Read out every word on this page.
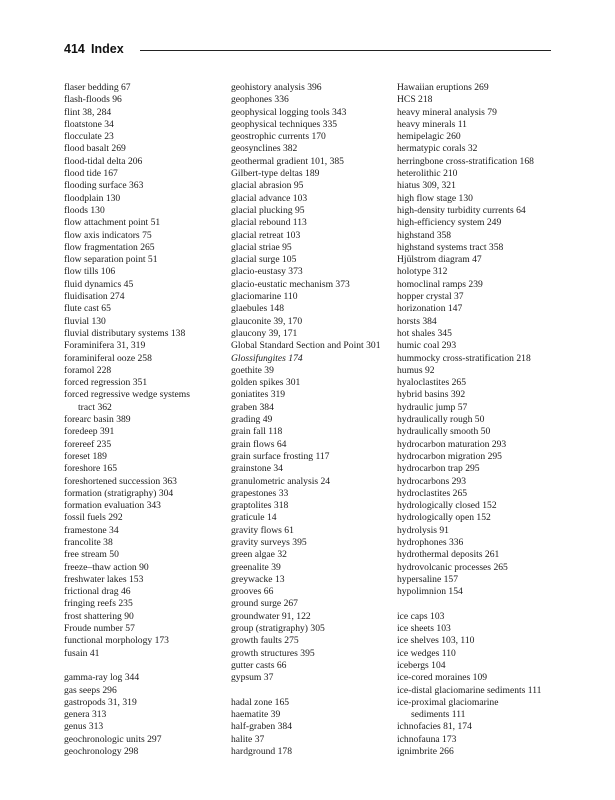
414 Index
flaser bedding 67
flash-floods 96
flint 38, 284
floatstone 34
flocculate 23
flood basalt 269
flood-tidal delta 206
flood tide 167
flooding surface 363
floodplain 130
floods 130
flow attachment point 51
flow axis indicators 75
flow fragmentation 265
flow separation point 51
flow tills 106
fluid dynamics 45
fluidisation 274
flute cast 65
fluvial 130
fluvial distributary systems 138
Foraminifera 31, 319
foraminiferal ooze 258
foramol 228
forced regression 351
forced regressive wedge systems
tract 362
forearc basin 389
foredeep 391
forereef 235
foreset 189
foreshore 165
foreshortened succession 363
formation (stratigraphy) 304
formation evaluation 343
fossil fuels 292
framestone 34
francolite 38
free stream 50
freeze–thaw action 90
freshwater lakes 153
frictional drag 46
fringing reefs 235
frost shattering 90
Froude number 57
functional morphology 173
fusain 41
gamma-ray log 344
gas seeps 296
gastropods 31, 319
genera 313
genus 313
geochronologic units 297
geochronology 298
geohistory analysis 396
geophones 336
geophysical logging tools 343
geophysical techniques 335
geostrophic currents 170
geosynclines 382
geothermal gradient 101, 385
Gilbert-type deltas 189
glacial abrasion 95
glacial advance 103
glacial plucking 95
glacial rebound 113
glacial retreat 103
glacial striae 95
glacial surge 105
glacio-eustasy 373
glacio-eustatic mechanism 373
glaciomarine 110
glaebules 148
glauconite 39, 170
glaucony 39, 171
Global Standard Section and Point 301
Glossifungites 174
goethite 39
golden spikes 301
goniatites 319
graben 384
grading 49
grain fall 118
grain flows 64
grain surface frosting 117
grainstone 34
granulometric analysis 24
grapestones 33
graptolites 318
graticule 14
gravity flows 61
gravity surveys 395
green algae 32
greenalite 39
greywacke 13
grooves 66
ground surge 267
groundwater 91, 122
group (stratigraphy) 305
growth faults 275
growth structures 395
gutter casts 66
gypsum 37
hadal zone 165
haematite 39
half-graben 384
halite 37
hardground 178
Hawaiian eruptions 269
HCS 218
heavy mineral analysis 79
heavy minerals 11
hemipelagic 260
hermatypic corals 32
herringbone cross-stratification 168
heterolithic 210
hiatus 309, 321
high flow stage 130
high-density turbidity currents 64
high-efficiency system 249
highstand 358
highstand systems tract 358
Hjülstrom diagram 47
holotype 312
homoclinal ramps 239
hopper crystal 37
horizonation 147
horsts 384
hot shales 345
humic coal 293
hummocky cross-stratification 218
humus 92
hyaloclastites 265
hybrid basins 392
hydraulic jump 57
hydraulically rough 50
hydraulically smooth 50
hydrocarbon maturation 293
hydrocarbon migration 295
hydrocarbon trap 295
hydrocarbons 293
hydroclastites 265
hydrologically closed 152
hydrologically open 152
hydrolysis 91
hydrophones 336
hydrothermal deposits 261
hydrovolcanic processes 265
hypersaline 157
hypolimnion 154
ice caps 103
ice sheets 103
ice shelves 103, 110
ice wedges 110
icebergs 104
ice-cored moraines 109
ice-distal glaciomarine sediments 111
ice-proximal glaciomarine
sediments 111
ichnofacies 81, 174
ichnofauna 173
ignimbrite 266
